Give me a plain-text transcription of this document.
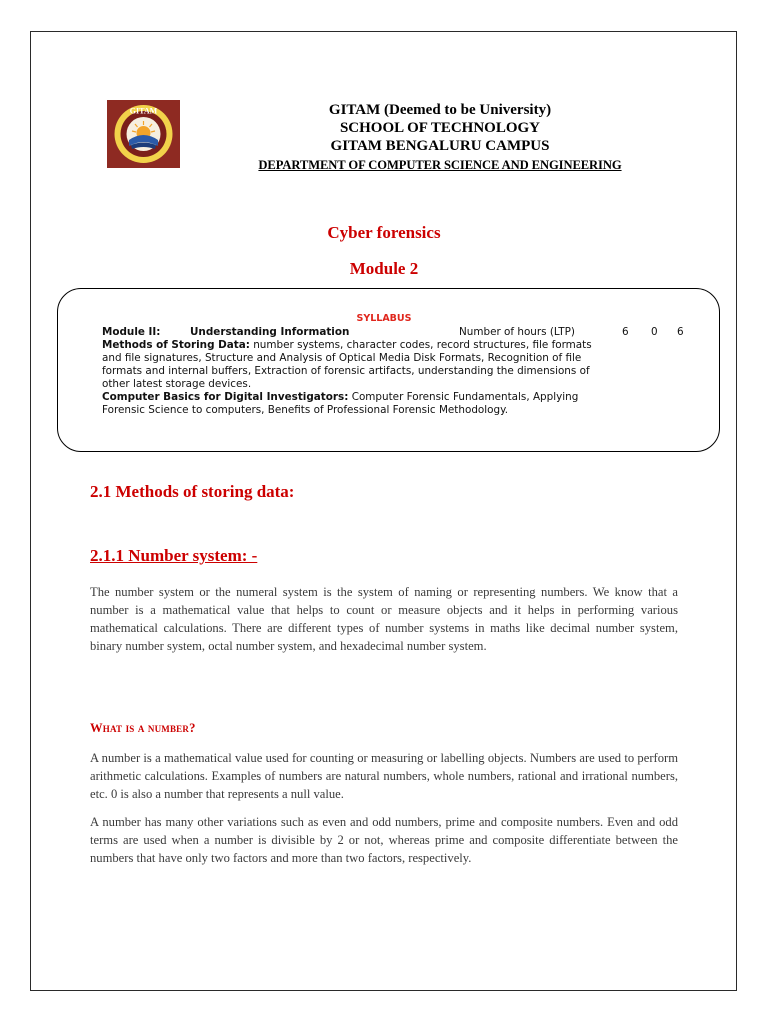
GITAM	GITAM (Deemed to be University)
SCHOOL OF TECHNOLOGY
GITAM BENGALURU CAMPUS
DEPARTMENT OF COMPUTER SCIENCE AND ENGINEERING
Cyber forensics
Module 2
SYLLABUS
Module II:	Understanding Information	Number of hours (LTP)	6 0 6
Methods of Storing Data: number systems, character codes, record structures, file formats
and file signatures, Structure and Analysis of Optical Media Disk Formats, Recognition of file
formats and internal buffers, Extraction of forensic artifacts, understanding the dimensions of
other latest storage devices.
Computer Basics for Digital Investigators: Computer Forensic Fundamentals, Applying
Forensic Science to computers, Benefits of Professional Forensic Methodology.
2.1 Methods of storing data:
2.1.1 Number system: -

The number system or the numeral system is the system of naming or representing numbers. We know that a number is a mathematical value that helps to count or measure objects and it helps in performing various mathematical calculations. There are different types of number systems in maths like decimal number system, binary number system, octal number system, and hexadecimal number system.

What is a number?

A number is a mathematical value used for counting or measuring or labelling objects. Numbers are used to perform arithmetic calculations. Examples of numbers are natural numbers, whole numbers, rational and irrational numbers, etc. 0 is also a number that represents a null value.

A number has many other variations such as even and odd numbers, prime and composite numbers. Even and odd terms are used when a number is divisible by 2 or not, whereas prime and composite differentiate between the numbers that have only two factors and more than two factors, respectively.
